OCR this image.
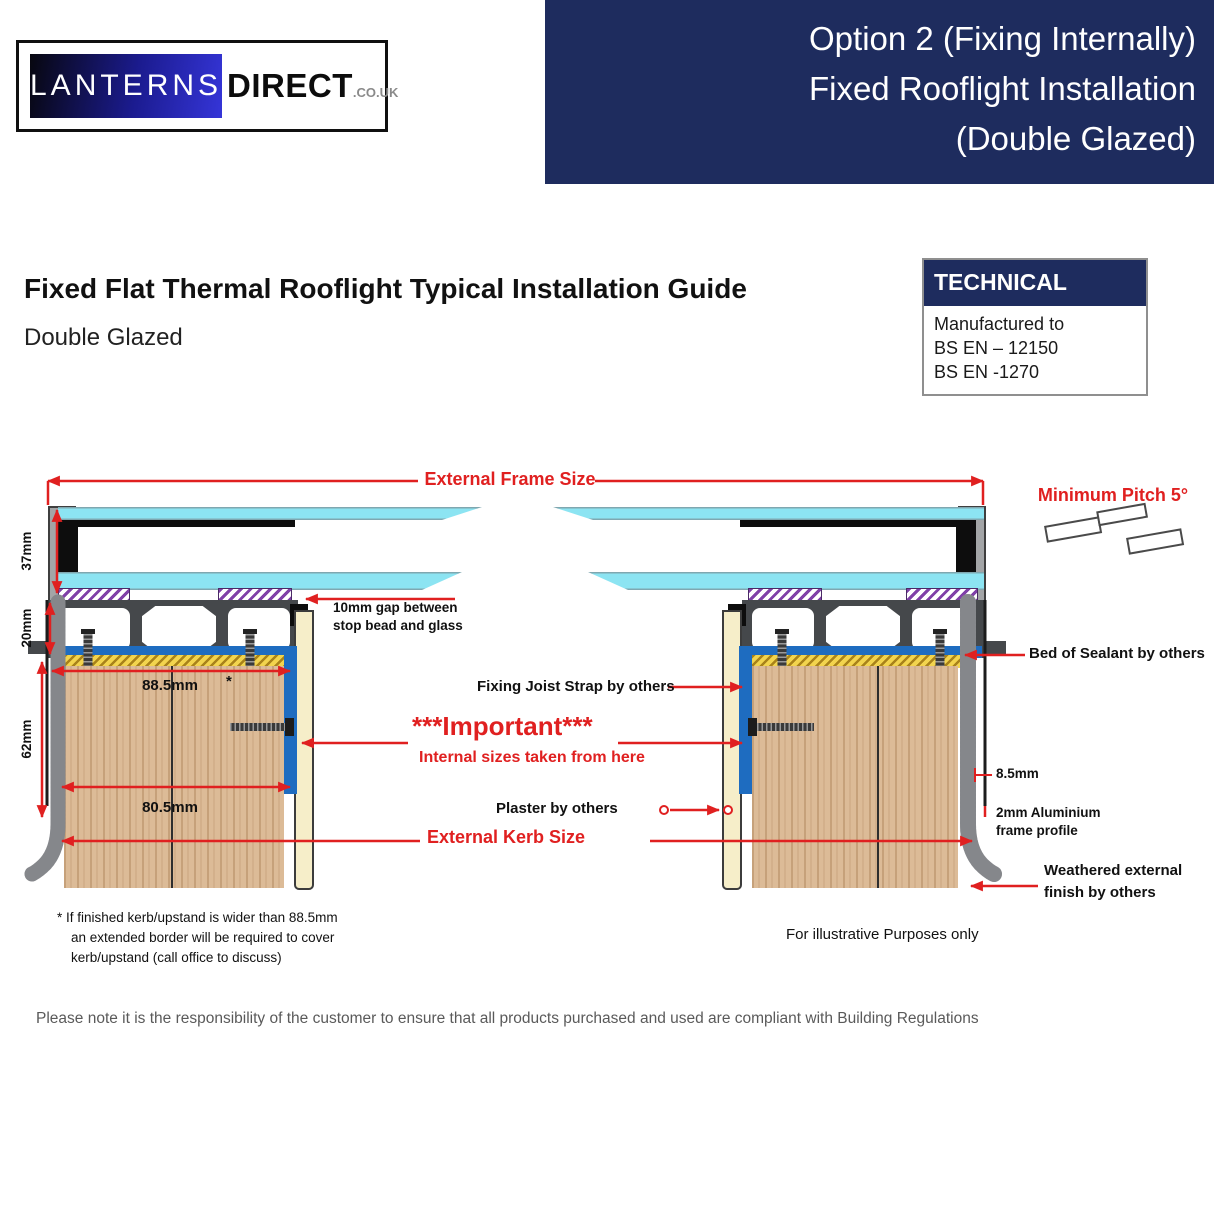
LANTERNS DIRECT .CO.UK
Option 2 (Fixing Internally)
Fixed Rooflight Installation
(Double Glazed)
Fixed Flat Thermal Rooflight Typical Installation Guide
Double Glazed
TECHNICAL
Manufactured to
BS EN – 12150
BS EN -1270
External Frame Size
Minimum Pitch 5°
37mm
20mm
62mm
88.5mm	*
80.5mm
10mm gap between
stop bead and glass
Fixing Joist Strap by others
***Important***
Internal sizes taken from here
Plaster by others
External Kerb Size
Bed of Sealant by others
8.5mm
2mm Aluminium
frame profile
Weathered external
finish by others
* If finished kerb/upstand is wider than 88.5mm
an extended border will be required to cover
kerb/upstand (call office to discuss)
For illustrative Purposes only
Please note it is the responsibility of the customer to ensure that all products purchased and used are compliant with Building Regulations
